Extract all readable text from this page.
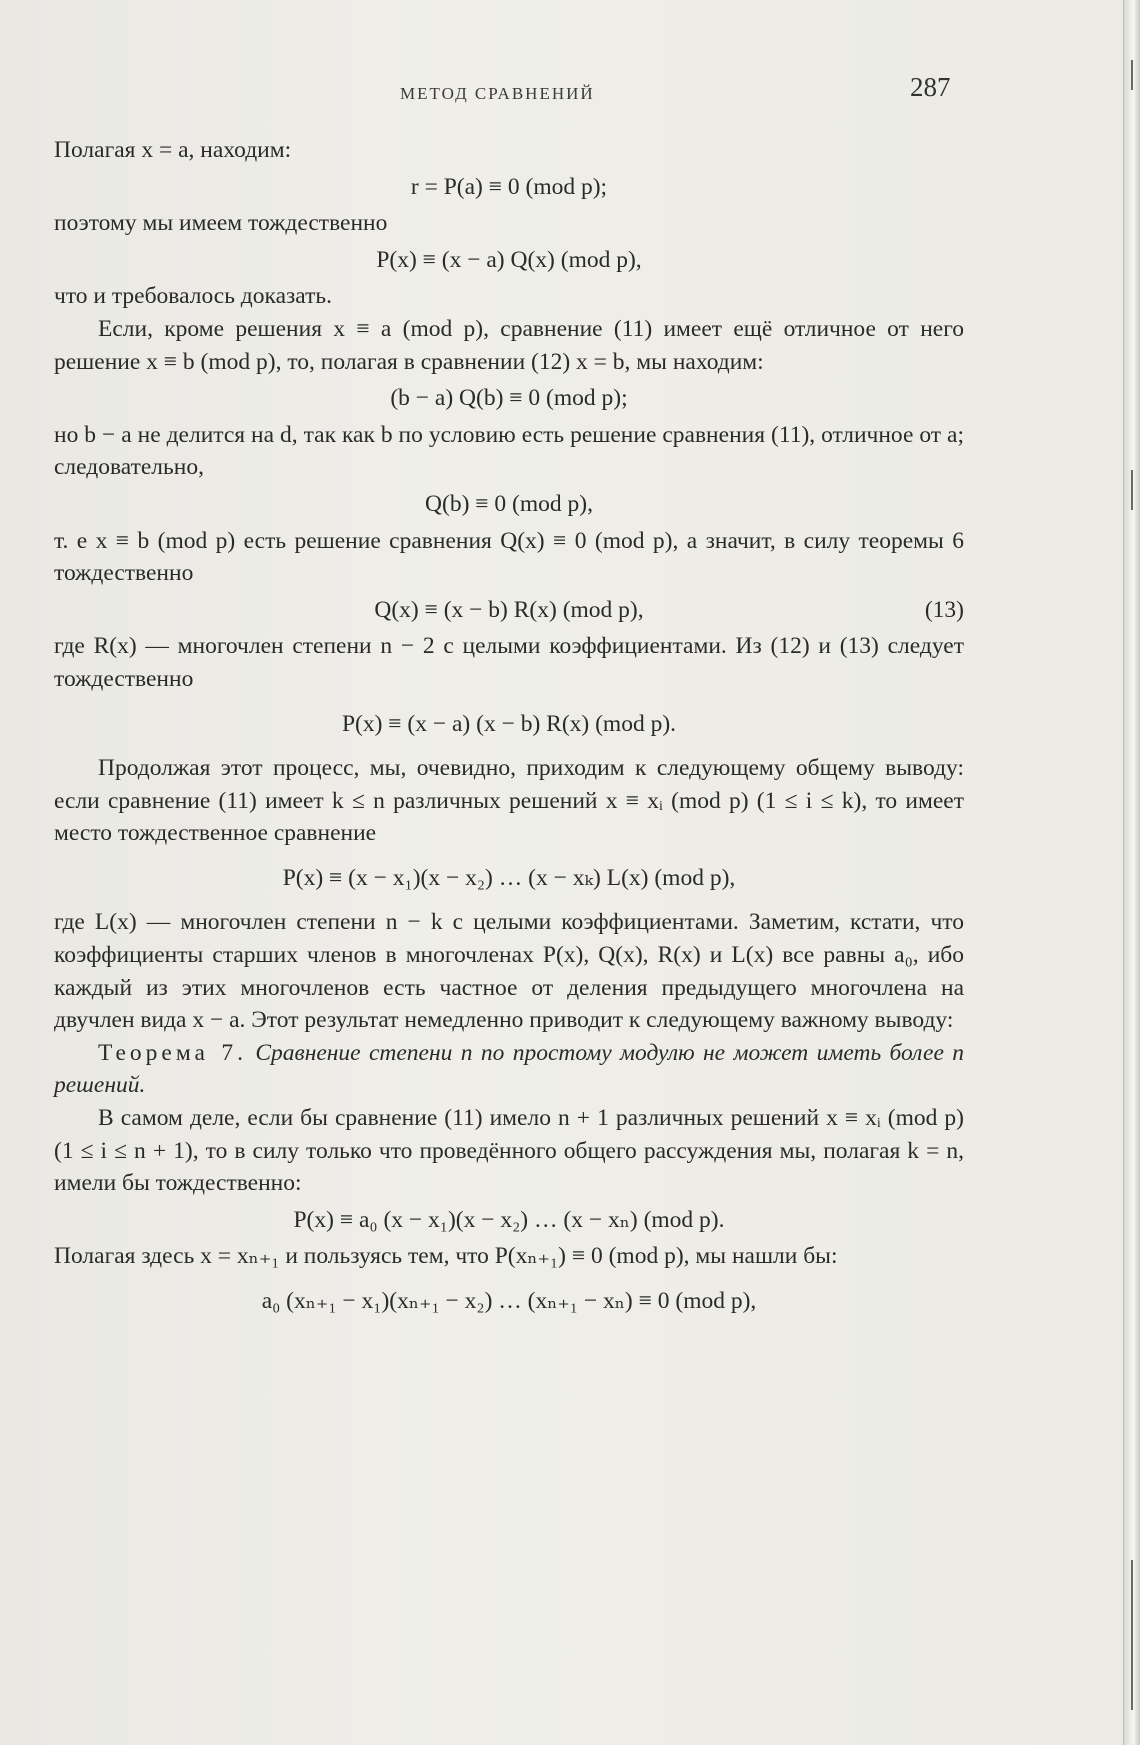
МЕТОД СРАВНЕНИЙ	287

Полагая x = a, находим:

r = P(a) ≡ 0 (mod p);

поэтому мы имеем тождественно

P(x) ≡ (x − a) Q(x) (mod p),

что и требовалось доказать.

Если, кроме решения x ≡ a (mod p), сравнение (11) имеет ещё отличное от него решение x ≡ b (mod p), то, полагая в сравнении (12) x = b, мы находим:

(b − a) Q(b) ≡ 0 (mod p);

но b − a не делится на d, так как b по условию есть решение сравнения (11), отличное от a; следовательно,

Q(b) ≡ 0 (mod p),

т. е x ≡ b (mod p) есть решение сравнения Q(x) ≡ 0 (mod p), а значит, в силу теоремы 6 тождественно

Q(x) ≡ (x − b) R(x) (mod p),	(13)

где R(x) — многочлен степени n − 2 с целыми коэффициентами. Из (12) и (13) следует тождественно

P(x) ≡ (x − a) (x − b) R(x) (mod p).

Продолжая этот процесс, мы, очевидно, приходим к следующему общему выводу: если сравнение (11) имеет k ≤ n различных решений x ≡ xᵢ (mod p) (1 ≤ i ≤ k), то имеет место тождественное сравнение

P(x) ≡ (x − x₁)(x − x₂) … (x − xₖ) L(x) (mod p),

где L(x) — многочлен степени n − k с целыми коэффициентами. Заметим, кстати, что коэффициенты старших членов в многочленах P(x), Q(x), R(x) и L(x) все равны a₀, ибо каждый из этих многочленов есть частное от деления предыдущего многочлена на двучлен вида x − a. Этот результат немедленно приводит к следующему важному выводу:

Теорема 7. Сравнение степени n по простому модулю не может иметь более n решений.

В самом деле, если бы сравнение (11) имело n + 1 различных решений x ≡ xᵢ (mod p) (1 ≤ i ≤ n + 1), то в силу только что проведённого общего рассуждения мы, полагая k = n, имели бы тождественно:

P(x) ≡ a₀ (x − x₁)(x − x₂) … (x − xₙ) (mod p).

Полагая здесь x = xₙ₊₁ и пользуясь тем, что P(xₙ₊₁) ≡ 0 (mod p), мы нашли бы:

a₀ (xₙ₊₁ − x₁)(xₙ₊₁ − x₂) … (xₙ₊₁ − xₙ) ≡ 0 (mod p),
